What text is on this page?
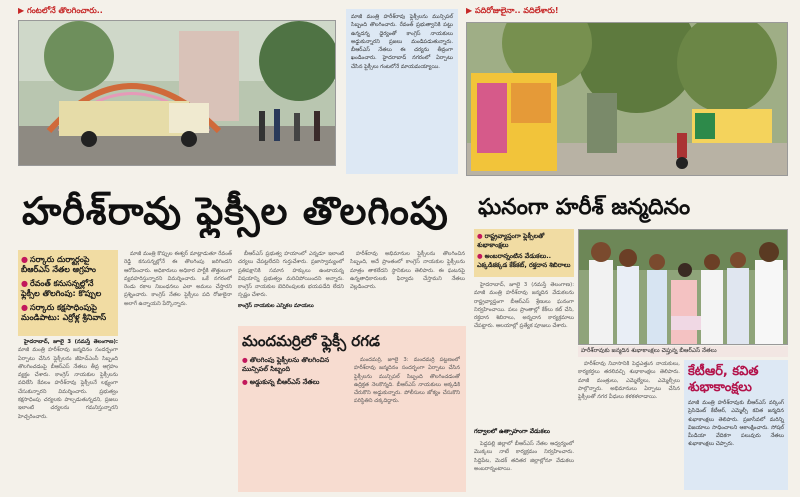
▶ గంటలోనే తొలగించారు..
మాజీ మంత్రి హరీశ్‌రావు ఫ్లెక్సీలను మున్సిపల్ సిబ్బంది తొలగించారు. రేవంత్ ప్రభుత్వానికి పట్టు ఉన్నదన్న ధైర్యంతో కాంగ్రెస్ నాయకులు అడ్డుకున్నారని ప్రజలు మండిపడుతున్నారు. బీఆర్‌ఎస్ నేతలు ఈ చర్యను తీవ్రంగా ఖండించారు. హైదరాబాద్ నగరంలో ఏర్పాటు చేసిన ఫ్లెక్సీలు గంటలోనే మాయమయ్యాయి.
▶ పదిరోజులైనా.. వదిలేశారు!
హరీశ్‌రావు ఫ్లెక్సీల తొలగింపు	ఘనంగా హరీశ్ జన్మదినం
● సర్కారు దుర్మార్గంపై బీఆర్‌ఎస్ నేతల ఆగ్రహం
● రేవంత్ కనుసన్నల్లోనే ఫ్లెక్సీల తొలగింపు: కొప్పుల
● సర్కారు కక్షసాధింపుపై మండిపాటు: ఎర్రోళ్ల శ్రీనివాస్

హైదరాబాద్, జూలై 3 (నమస్తే తెలంగాణ): మాజీ మంత్రి హరీశ్‌రావు జన్మదినం సందర్భంగా ఏర్పాటు చేసిన ఫ్లెక్సీలను జీహెచ్‌ఎంసీ సిబ్బంది తొలగించడంపై బీఆర్‌ఎస్ నేతలు తీవ్ర ఆగ్రహం వ్యక్తం చేశారు. కాంగ్రెస్ నాయకుల ఫ్లెక్సీలను వదిలేసి కేవలం హరీశ్‌రావు ఫ్లెక్సీలనే లక్ష్యంగా చేసుకున్నారని విమర్శించారు. ప్రభుత్వం కక్షసాధింపు చర్యలకు పాల్పడుతున్నదని, ప్రజలు ఇలాంటి చర్యలను గమనిస్తున్నారని హెచ్చరించారు.

మాజీ మంత్రి కొప్పుల ఈశ్వర్ మాట్లాడుతూ రేవంత్ రెడ్డి కనుసన్నల్లోనే ఈ తొలగింపు జరిగిందని ఆరోపించారు. అధికారులు అధికార పార్టీకి తొత్తులుగా వ్యవహరిస్తున్నారని విమర్శించారు. ఒకే నగరంలో రెండు రకాల నిబంధనలు ఎలా అమలు చేస్తారని ప్రశ్నించారు. కాంగ్రెస్ నేతల ఫ్లెక్సీలు పది రోజులైనా అలాగే ఉన్నాయని పేర్కొన్నారు.

బీఆర్‌ఎస్ ప్రభుత్వ హయాంలో ఎన్నడూ ఇలాంటి చర్యలు చేపట్టలేదని గుర్తుచేశారు. ప్రజాస్వామ్యంలో ప్రతిపక్షానికి సమాన హక్కులు ఉంటాయన్న విషయాన్ని ప్రభుత్వం మరిచిపోయిందని అన్నారు. కాంగ్రెస్ నాయకుల బెదిరింపులకు భయపడేది లేదని స్పష్టం చేశారు.

కాంగ్రెస్‌ నాయకుల ఎన్నికల మాయలు

హరీశ్‌రావు అభిమానుల ఫ్లెక్సీలను తొలగించిన సిబ్బంది, అదే ప్రాంతంలో కాంగ్రెస్ నాయకుల ఫ్లెక్సీలను మాత్రం తాకలేదని స్థానికులు తెలిపారు. ఈ ఘటనపై ఉన్నతాధికారులకు ఫిర్యాదు చేస్తామని నేతలు వెల్లడించారు.

మందమర్రిలో ఫ్లెక్సీ రగడ
● తొలగింపు ఫ్లెక్సీలను తొలగించిన మున్సిపల్ సిబ్బంది
● అడ్డుకున్న బీఆర్‌ఎస్ నేతలు

మందమర్రి, జూలై 3: మందమర్రి పట్టణంలో హరీశ్‌రావు జన్మదినం సందర్భంగా ఏర్పాటు చేసిన ఫ్లెక్సీలను మున్సిపల్ సిబ్బంది తొలగించడంతో ఉద్రిక్తత నెలకొన్నది. బీఆర్‌ఎస్ నాయకులు అక్కడికి చేరుకొని అడ్డుకున్నారు. పోలీసులు జోక్యం చేసుకొని పరిస్థితిని చక్కదిద్దారు.

● రాష్ట్రవ్యాప్తంగా ఫ్లెక్సీలతో శుభాకాంక్షలు
● అంబరాన్నంటిన వేడుకలు.. ఎక్కడికక్కడ కేక్‌కట్, రక్తదాన శిబిరాలు

హైదరాబాద్, జూలై 3 (నమస్తే తెలంగాణ): మాజీ మంత్రి హరీశ్‌రావు జన్మదిన వేడుకలను రాష్ట్రవ్యాప్తంగా బీఆర్‌ఎస్ శ్రేణులు ఘనంగా నిర్వహించాయి. పలు ప్రాంతాల్లో కేక్‌లు కట్ చేసి, రక్తదాన శిబిరాలు, అన్నదాన కార్యక్రమాలు చేపట్టారు. ఆలయాల్లో ప్రత్యేక పూజలు చేశారు.

హరీశ్‌రావుకు జన్మదిన శుభాకాంక్షలు చెప్తున్న బీఆర్‌ఎస్ నేతలు

హరీశ్‌రావు నివాసానికి పెద్దఎత్తున నాయకులు, కార్యకర్తలు తరలివచ్చి శుభాకాంక్షలు తెలిపారు. మాజీ మంత్రులు, ఎమ్మెల్యేలు, ఎమ్మెల్సీలు పాల్గొన్నారు. అభిమానులు ఏర్పాటు చేసిన ఫ్లెక్సీలతో నగర వీధులు కళకళలాడాయి.

గద్వాలలో ఉత్సాహంగా వేడుకలు

పెద్దపల్లి జిల్లాలో బీఆర్‌ఎస్ నేతల ఆధ్వర్యంలో మొక్కలు నాటే కార్యక్రమం నిర్వహించారు. సిద్దిపేట, మెదక్ తదితర జిల్లాల్లోనూ వేడుకలు అంబరాన్నంటాయి.

కేటీఆర్, కవిత శుభాకాంక్షలు
మాజీ మంత్రి హరీశ్‌రావుకు బీఆర్‌ఎస్ వర్కింగ్ ప్రెసిడెంట్ కేటీఆర్, ఎమ్మెల్సీ కవిత జన్మదిన శుభాకాంక్షలు తెలిపారు. ప్రజాసేవలో మరిన్ని విజయాలు సాధించాలని ఆకాంక్షించారు. సోషల్ మీడియా వేదికగా పలువురు నేతలు శుభాకాంక్షలు చెప్పారు.
